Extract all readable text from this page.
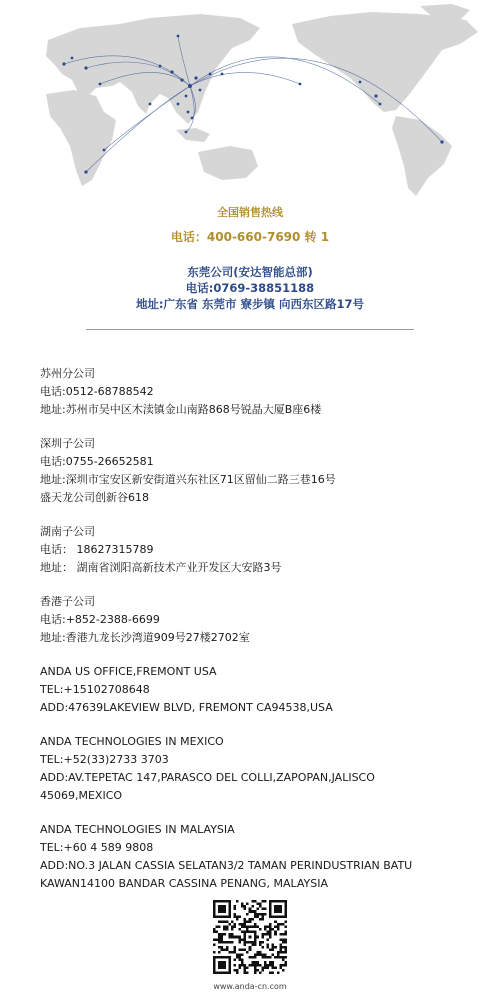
全国销售热线
电话：400-660-7690 转 1
东莞公司(安达智能总部)
电话:0769-38851188
地址:广东省 东莞市 寮步镇 向西东区路17号
苏州分公司
电话:0512-68788542
地址:苏州市吴中区木渎镇金山南路868号锐晶大厦B座6楼
深圳子公司
电话:0755-26652581
地址:深圳市宝安区新安街道兴东社区71区留仙二路三巷16号
盛天龙公司创新谷618
湖南子公司
电话： 18627315789
地址： 湖南省浏阳高新技术产业开发区大安路3号
香港子公司
电话:+852-2388-6699
地址:香港九龙长沙湾道909号27楼2702室
ANDA US OFFICE,FREMONT USA
TEL:+15102708648
ADD:47639LAKEVIEW BLVD, FREMONT CA94538,USA
ANDA TECHNOLOGIES IN MEXICO
TEL:+52(33)2733 3703
ADD:AV.TEPETAC 147,PARASCO DEL COLLI,ZAPOPAN,JALISCO
45069,MEXICO
ANDA TECHNOLOGIES IN MALAYSIA
TEL:+60 4 589 9808
ADD:NO.3 JALAN CASSIA SELATAN3/2 TAMAN PERINDUSTRIAN BATU
KAWAN14100 BANDAR CASSINA PENANG, MALAYSIA
www.anda-cn.com
